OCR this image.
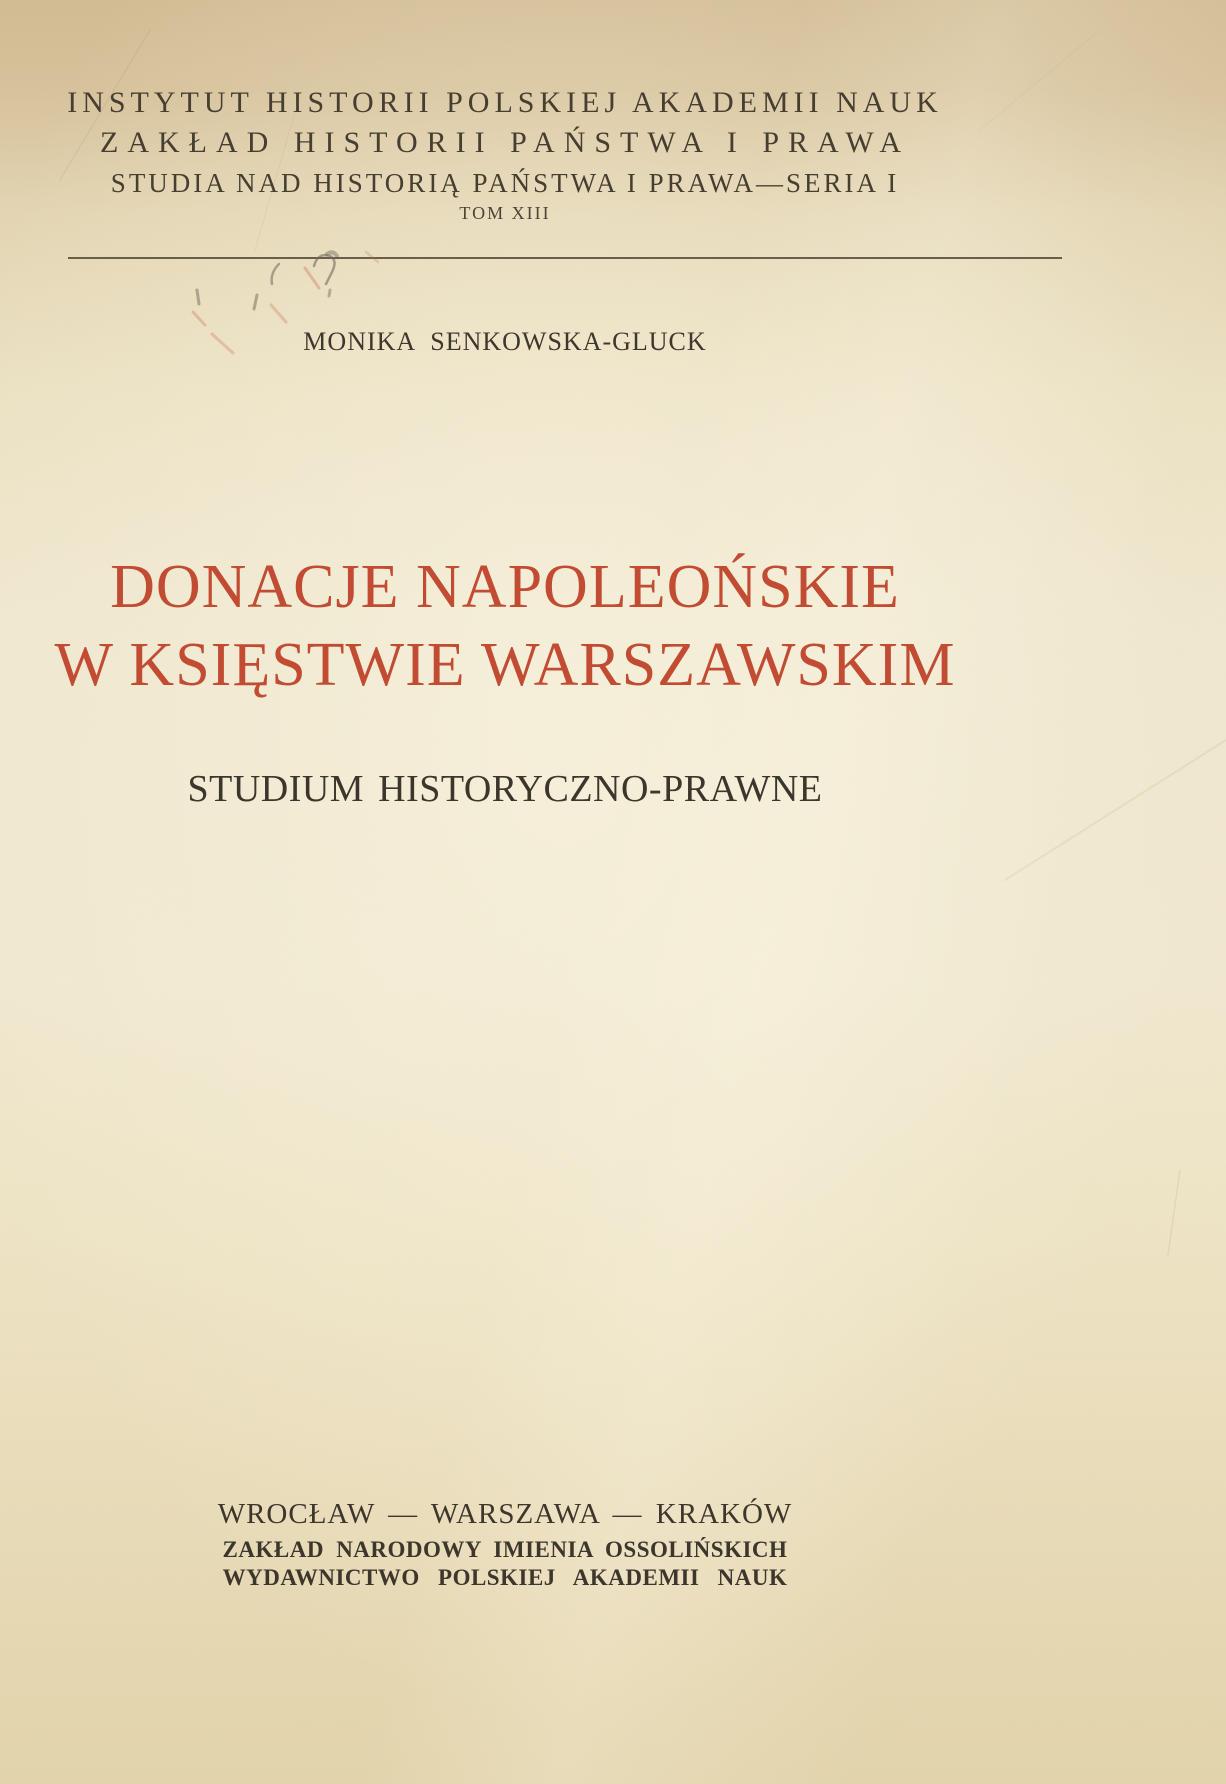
INSTYTUT HISTORII POLSKIEJ AKADEMII NAUK
ZAKŁAD HISTORII PAŃSTWA I PRAWA
STUDIA NAD HISTORIĄ PAŃSTWA I PRAWA—SERIA I
TOM XIII
MONIKA SENKOWSKA-GLUCK
DONACJE NAPOLEOŃSKIE
W KSIĘSTWIE WARSZAWSKIM
STUDIUM HISTORYCZNO-PRAWNE
WROCŁAW — WARSZAWA — KRAKÓW
ZAKŁAD NARODOWY IMIENIA OSSOLIŃSKICH
WYDAWNICTWO POLSKIEJ AKADEMII NAUK
